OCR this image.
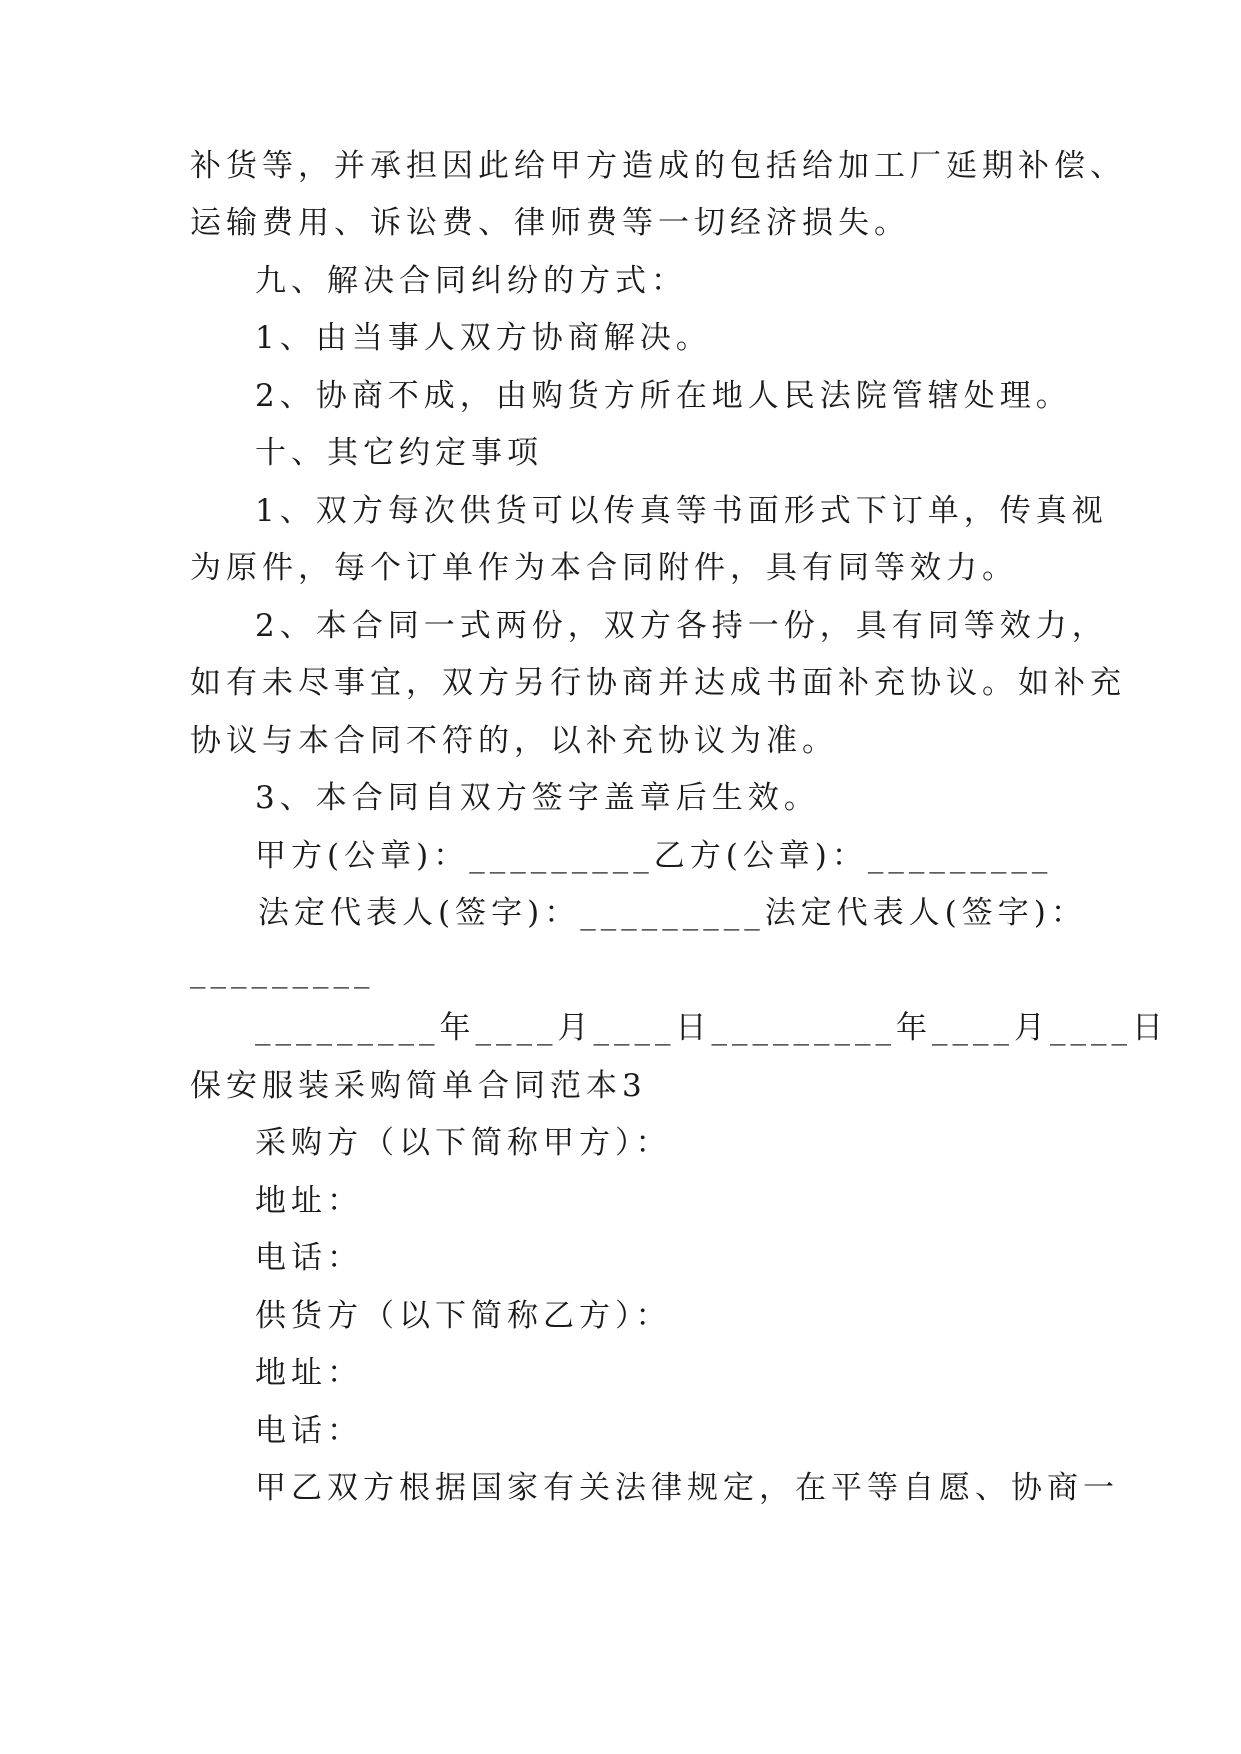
补货等，并承担因此给甲方造成的包括给加工厂延期补偿、
运输费用、诉讼费、律师费等一切经济损失。
九、解决合同纠纷的方式：
1、由当事人双方协商解决。
2、协商不成，由购货方所在地人民法院管辖处理。
十、其它约定事项
1、双方每次供货可以传真等书面形式下订单，传真视
为原件，每个订单作为本合同附件，具有同等效力。
2、本合同一式两份，双方各持一份，具有同等效力，
如有未尽事宜，双方另行协商并达成书面补充协议。如补充
协议与本合同不符的，以补充协议为准。
3、本合同自双方签字盖章后生效。
甲方(公章)：_________乙方(公章)：_________
法定代表人(签字)：_________法定代表人(签字)：
_________
_________年____月____日_________年____月____日
保安服装采购简单合同范本3
采购方（以下简称甲方）：
地址：
电话：
供货方（以下简称乙方）：
地址：
电话：
甲乙双方根据国家有关法律规定，在平等自愿、协商一
